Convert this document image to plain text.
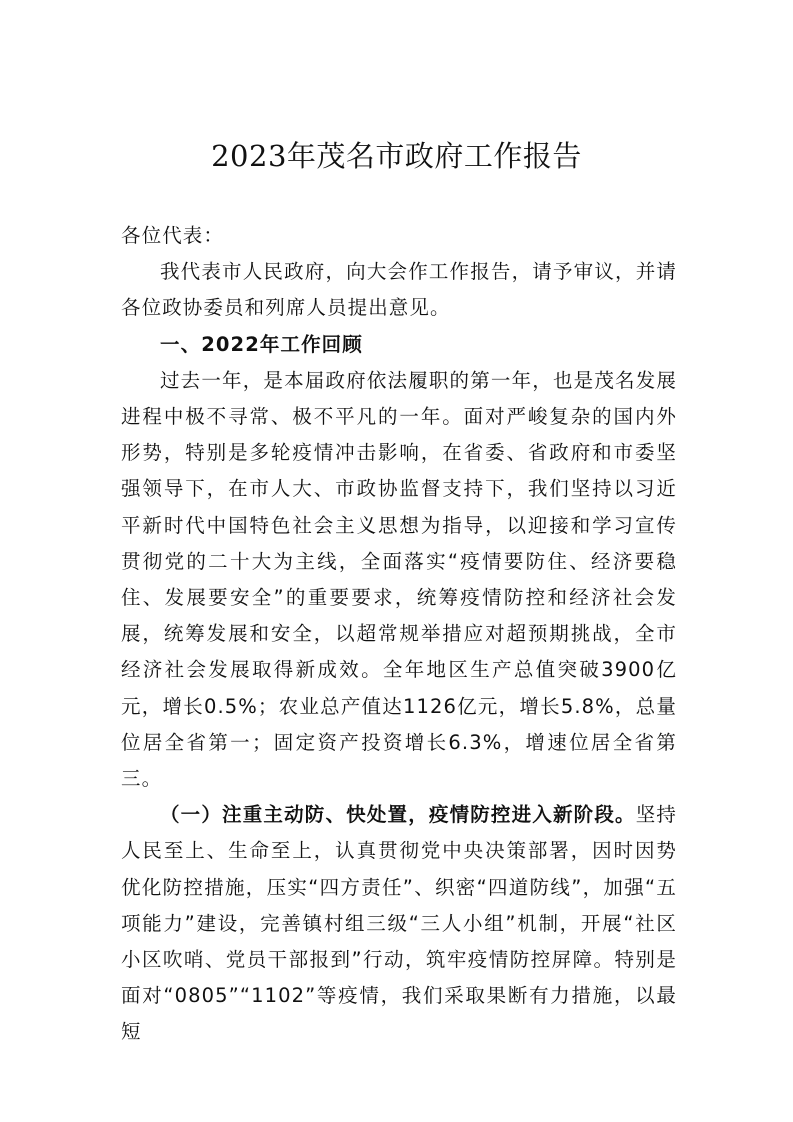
2023年茂名市政府工作报告

各位代表：

我代表市人民政府，向大会作工作报告，请予审议，并请各位政协委员和列席人员提出意见。

一、2022年工作回顾

过去一年，是本届政府依法履职的第一年，也是茂名发展进程中极不寻常、极不平凡的一年。面对严峻复杂的国内外形势，特别是多轮疫情冲击影响，在省委、省政府和市委坚强领导下，在市人大、市政协监督支持下，我们坚持以习近平新时代中国特色社会主义思想为指导，以迎接和学习宣传贯彻党的二十大为主线，全面落实“疫情要防住、经济要稳住、发展要安全”的重要要求，统筹疫情防控和经济社会发展，统筹发展和安全，以超常规举措应对超预期挑战，全市经济社会发展取得新成效。全年地区生产总值突破3900亿元，增长0.5%；农业总产值达1126亿元，增长5.8%，总量位居全省第一；固定资产投资增长6.3%，增速位居全省第三。

（一）注重主动防、快处置，疫情防控进入新阶段。坚持人民至上、生命至上，认真贯彻党中央决策部署，因时因势优化防控措施，压实“四方责任”、织密“四道防线”，加强“五项能力”建设，完善镇村组三级“三人小组”机制，开展“社区小区吹哨、党员干部报到”行动，筑牢疫情防控屏障。特别是面对“0805”“1102”等疫情，我们采取果断有力措施，以最短
